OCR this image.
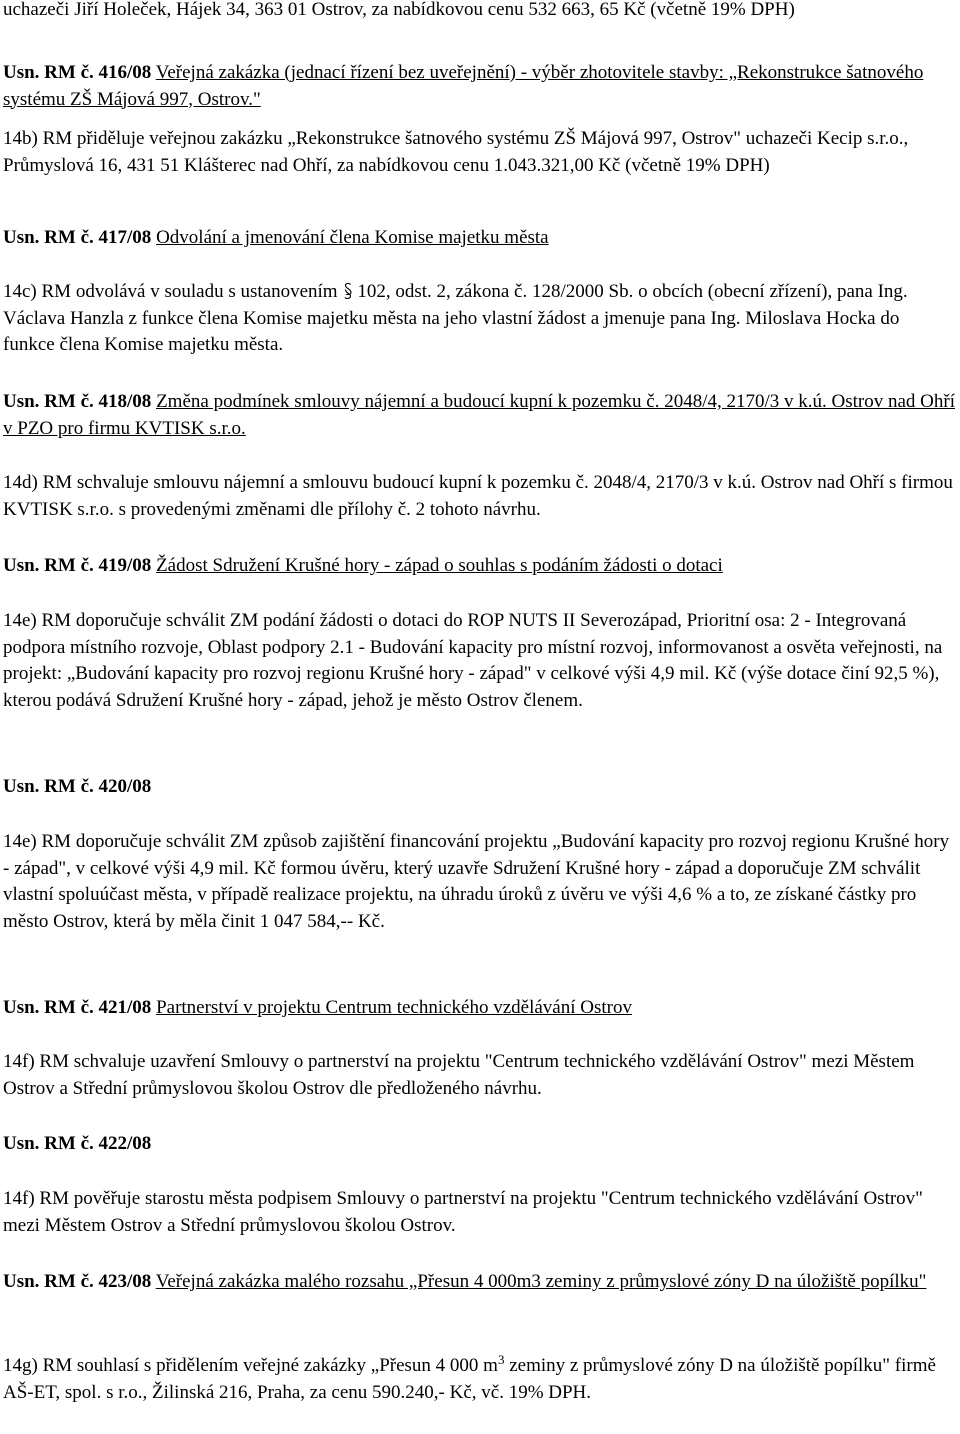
uchazeči Jiří Holeček, Hájek 34, 363 01 Ostrov, za nabídkovou cenu 532 663, 65 Kč (včetně 19% DPH)

Usn. RM č. 416/08 Veřejná zakázka (jednací řízení bez uveřejnění) - výběr zhotovitele stavby: „Rekonstrukce šatnového systému ZŠ Májová 997, Ostrov."

14b) RM přiděluje veřejnou zakázku „Rekonstrukce šatnového systému ZŠ Májová 997, Ostrov" uchazeči Kecip s.r.o., Průmyslová 16, 431 51 Klášterec nad Ohří, za nabídkovou cenu 1.043.321,00 Kč (včetně 19% DPH)

Usn. RM č. 417/08 Odvolání a jmenování člena Komise majetku města

14c) RM odvolává v souladu s ustanovením 102, odst. 2, zákona č. 128/2000 Sb. o obcích (obecní zřízení), pana Ing. Václava Hanzla z funkce člena Komise majetku města na jeho vlastní žádost a jmenuje pana Ing. Miloslava Hocka do funkce člena Komise majetku města.

Usn. RM č. 418/08 Změna podmínek smlouvy nájemní a budoucí kupní k pozemku č. 2048/4, 2170/3 v k.ú. Ostrov nad Ohří v PZO pro firmu KVTISK s.r.o.

14d) RM schvaluje smlouvu nájemní a smlouvu budoucí kupní k pozemku č. 2048/4, 2170/3 v k.ú. Ostrov nad Ohří s firmou KVTISK s.r.o. s provedenými změnami dle přílohy č. 2 tohoto návrhu.

Usn. RM č. 419/08 Žádost Sdružení Krušné hory - západ o souhlas s podáním žádosti o dotaci

14e) RM doporučuje schválit ZM podání žádosti o dotaci do ROP NUTS II Severozápad, Prioritní osa: 2 - Integrovaná podpora místního rozvoje, Oblast podpory 2.1 - Budování kapacity pro místní rozvoj, informovanost a osvěta veřejnosti, na projekt: „Budování kapacity pro rozvoj regionu Krušné hory - západ" v celkové výši 4,9 mil. Kč (výše dotace činí 92,5 %), kterou podává Sdružení Krušné hory - západ, jehož je město Ostrov členem.

Usn. RM č. 420/08

14e) RM doporučuje schválit ZM způsob zajištění financování projektu „Budování kapacity pro rozvoj regionu Krušné hory - západ", v celkové výši 4,9 mil. Kč formou úvěru, který uzavře Sdružení Krušné hory - západ a doporučuje ZM schválit vlastní spoluúčast města, v případě realizace projektu, na úhradu úroků z úvěru ve výši 4,6 % a to, ze získané částky pro město Ostrov, která by měla činit 1 047 584,-- Kč.

Usn. RM č. 421/08 Partnerství v projektu Centrum technického vzdělávání Ostrov

14f) RM schvaluje uzavření Smlouvy o partnerství na projektu "Centrum technického vzdělávání Ostrov" mezi Městem Ostrov a Střední průmyslovou školou Ostrov dle předloženého návrhu.

Usn. RM č. 422/08

14f) RM pověřuje starostu města podpisem Smlouvy o partnerství na projektu "Centrum technického vzdělávání Ostrov" mezi Městem Ostrov a Střední průmyslovou školou Ostrov.

Usn. RM č. 423/08 Veřejná zakázka malého rozsahu „Přesun 4 000m3 zeminy z průmyslové zóny D na úložiště popílku"

14g) RM souhlasí s přidělením veřejné zakázky „Přesun 4 000 $m^3$ zeminy z průmyslové zóny D na úložiště popílku" firmě AŠ-ET, spol. s r.o., Žilinská 216, Praha, za cenu 590.240,- Kč, vč. 19% DPH.
